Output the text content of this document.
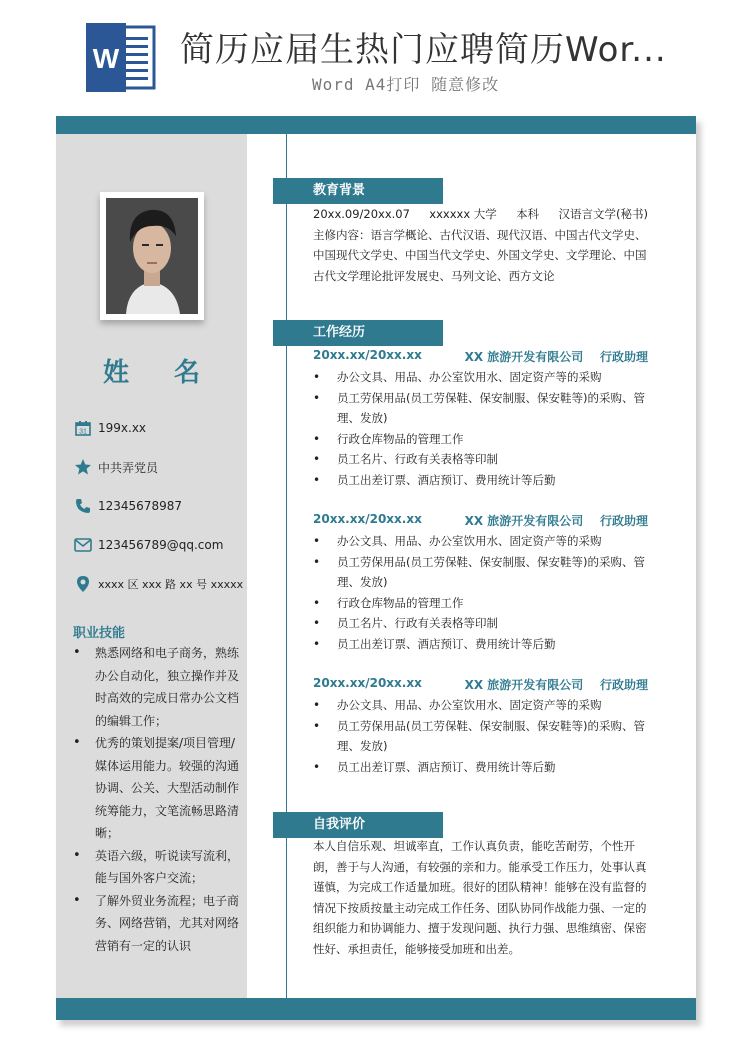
W 简历应届生热门应聘简历Wor...
Word A4打印 随意修改
姓 名
31 199x.xx
中共弄党员
12345678987
123456789@qq.com
xxxx 区 xxx 路 xx 号 xxxxx
职业技能
• 熟悉网络和电子商务，熟练办公自动化，独立操作并及时高效的完成日常办公文档的编辑工作；
• 优秀的策划提案/项目管理/媒体运用能力。较强的沟通协调、公关、大型活动制作统筹能力，文笔流畅思路清晰；
• 英语六级，听说读写流利，能与国外客户交流；
• 了解外贸业务流程；电子商务、网络营销，尤其对网络营销有一定的认识
教育背景
20xx.09/20xx.07 xxxxxx 大学 本科 汉语言文学(秘书)
主修内容：语言学概论、古代汉语、现代汉语、中国古代文学史、中国现代文学史、中国当代文学史、外国文学史、文学理论、中国古代文学理论批评发展史、马列文论、西方文论
工作经历
20xx.xx/20xx.xx	XX 旅游开发有限公司 行政助理
• 办公文具、用品、办公室饮用水、固定资产等的采购
• 员工劳保用品(员工劳保鞋、保安制服、保安鞋等)的采购、管理、发放)
• 行政仓库物品的管理工作
• 员工名片、行政有关表格等印制
• 员工出差订票、酒店预订、费用统计等后勤
20xx.xx/20xx.xx	XX 旅游开发有限公司 行政助理
• 办公文具、用品、办公室饮用水、固定资产等的采购
• 员工劳保用品(员工劳保鞋、保安制服、保安鞋等)的采购、管理、发放)
• 行政仓库物品的管理工作
• 员工名片、行政有关表格等印制
• 员工出差订票、酒店预订、费用统计等后勤
20xx.xx/20xx.xx	XX 旅游开发有限公司 行政助理
• 办公文具、用品、办公室饮用水、固定资产等的采购
• 员工劳保用品(员工劳保鞋、保安制服、保安鞋等)的采购、管理、发放)
• 员工出差订票、酒店预订、费用统计等后勤
自我评价
本人自信乐观、坦诚率直，工作认真负责，能吃苦耐劳，个性开朗，善于与人沟通，有较强的亲和力。能承受工作压力，处事认真谨慎，为完成工作适量加班。很好的团队精神！能够在没有监督的情况下按质按量主动完成工作任务、团队协同作战能力强、一定的组织能力和协调能力、擅于发现问题、执行力强、思维缜密、保密性好、承担责任，能够接受加班和出差。
